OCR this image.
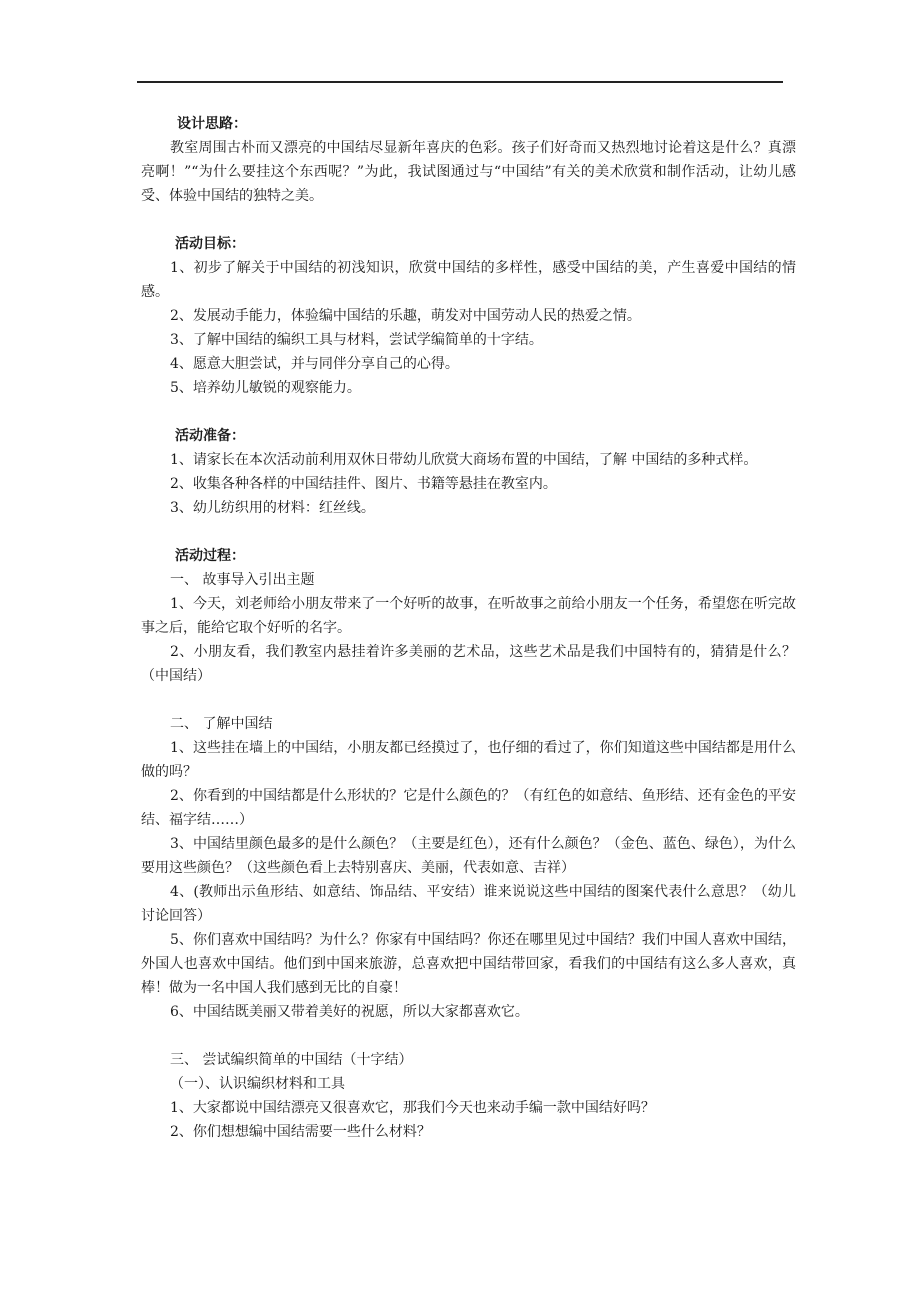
设计思路：

教室周围古朴而又漂亮的中国结尽显新年喜庆的色彩。孩子们好奇而又热烈地讨论着这是什么？真漂亮啊！”“为什么要挂这个东西呢？”为此，我试图通过与“中国结”有关的美术欣赏和制作活动，让幼儿感受、体验中国结的独特之美。

活动目标：

1、初步了解关于中国结的初浅知识，欣赏中国结的多样性，感受中国结的美，产生喜爱中国结的情感。

2、发展动手能力，体验编中国结的乐趣，萌发对中国劳动人民的热爱之情。

3、了解中国结的编织工具与材料，尝试学编简单的十字结。

4、愿意大胆尝试，并与同伴分享自己的心得。

5、培养幼儿敏锐的观察能力。

活动准备：

1、请家长在本次活动前利用双休日带幼儿欣赏大商场布置的中国结，了解 中国结的多种式样。

2、收集各种各样的中国结挂件、图片、书籍等悬挂在教室内。

3、幼儿纺织用的材料：红丝线。

活动过程：

一、 故事导入引出主题

1、今天，刘老师给小朋友带来了一个好听的故事，在听故事之前给小朋友一个任务，希望您在听完故事之后，能给它取个好听的名字。

2、小朋友看，我们教室内悬挂着许多美丽的艺术品，这些艺术品是我们中国特有的，猜猜是什么？（中国结）

二、 了解中国结

1、这些挂在墙上的中国结，小朋友都已经摸过了，也仔细的看过了，你们知道这些中国结都是用什么做的吗？

2、你看到的中国结都是什么形状的？它是什么颜色的？（有红色的如意结、鱼形结、还有金色的平安结、福字结……）

3、中国结里颜色最多的是什么颜色？（主要是红色），还有什么颜色？（金色、蓝色、绿色），为什么要用这些颜色？（这些颜色看上去特别喜庆、美丽，代表如意、吉祥）

4、(教师出示鱼形结、如意结、饰品结、平安结）谁来说说这些中国结的图案代表什么意思？（幼儿讨论回答）

5、你们喜欢中国结吗？为什么？你家有中国结吗？你还在哪里见过中国结？我们中国人喜欢中国结，外国人也喜欢中国结。他们到中国来旅游，总喜欢把中国结带回家，看我们的中国结有这么多人喜欢，真棒！做为一名中国人我们感到无比的自豪！

6、中国结既美丽又带着美好的祝愿，所以大家都喜欢它。

三、 尝试编织简单的中国结（十字结）

（一）、认识编织材料和工具

1、大家都说中国结漂亮又很喜欢它，那我们今天也来动手编一款中国结好吗？

2、你们想想编中国结需要一些什么材料？
